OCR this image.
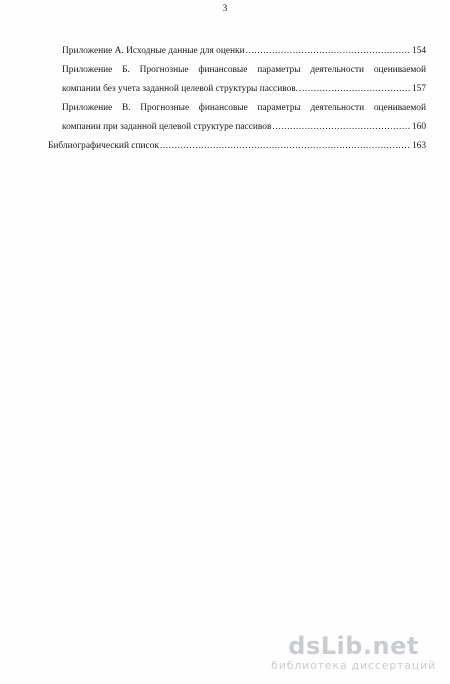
3
Приложение А. Исходные данные для оценки .....	154
Приложение Б. Прогнозные финансовые параметры деятельности оцениваемой
компании без учета заданной целевой структуры пассивов. .....	157
Приложение В. Прогнозные финансовые параметры деятельности оцениваемой
компании при заданной целевой структуре пассивов .....	160
Библиографический список .....	163
dsLib.net
библиотека диссертаций
